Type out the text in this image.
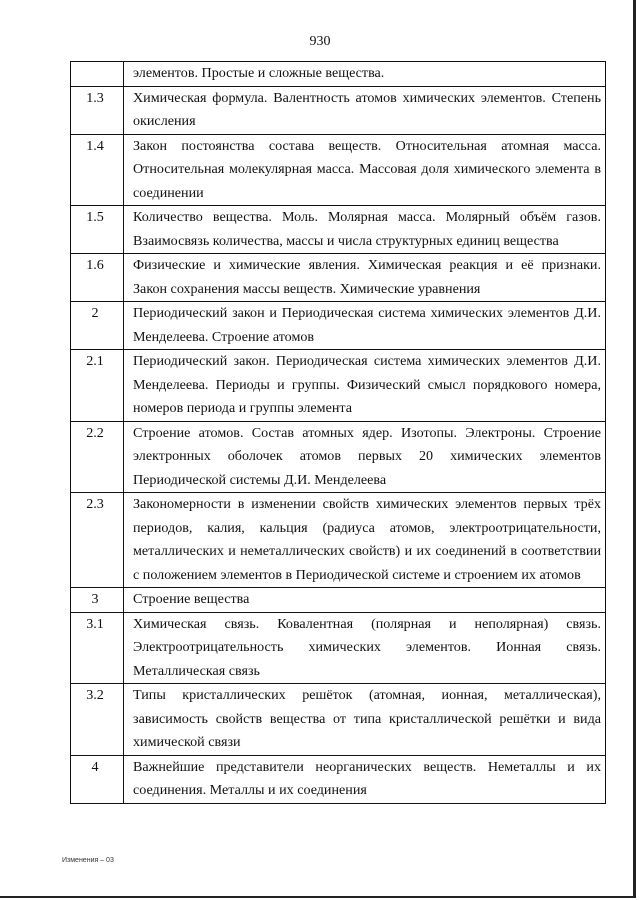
930
	элементов. Простые и сложные вещества.
1.3	Химическая формула. Валентность атомов химических элементов. Степень окисления
1.4	Закон постоянства состава веществ. Относительная атомная масса. Относительная молекулярная масса. Массовая доля химического элемента в соединении
1.5	Количество вещества. Моль. Молярная масса. Молярный объём газов. Взаимосвязь количества, массы и числа структурных единиц вещества
1.6	Физические и химические явления. Химическая реакция и её признаки. Закон сохранения массы веществ. Химические уравнения
2	Периодический закон и Периодическая система химических элементов Д.И. Менделеева. Строение атомов
2.1	Периодический закон. Периодическая система химических элементов Д.И. Менделеева. Периоды и группы. Физический смысл порядкового номера, номеров периода и группы элемента
2.2	Строение атомов. Состав атомных ядер. Изотопы. Электроны. Строение электронных оболочек атомов первых 20 химических элементов Периодической системы Д.И. Менделеева
2.3	Закономерности в изменении свойств химических элементов первых трёх периодов, калия, кальция (радиуса атомов, электроотрицательности, металлических и неметаллических свойств) и их соединений в соответствии с положением элементов в Периодической системе и строением их атомов
3	Строение вещества
3.1	Химическая связь. Ковалентная (полярная и неполярная) связь. Электроотрицательность химических элементов. Ионная связь. Металлическая связь
3.2	Типы кристаллических решёток (атомная, ионная, металлическая), зависимость свойств вещества от типа кристаллической решётки и вида химической связи
4	Важнейшие представители неорганических веществ. Неметаллы и их соединения. Металлы и их соединения
Изменения – 03
